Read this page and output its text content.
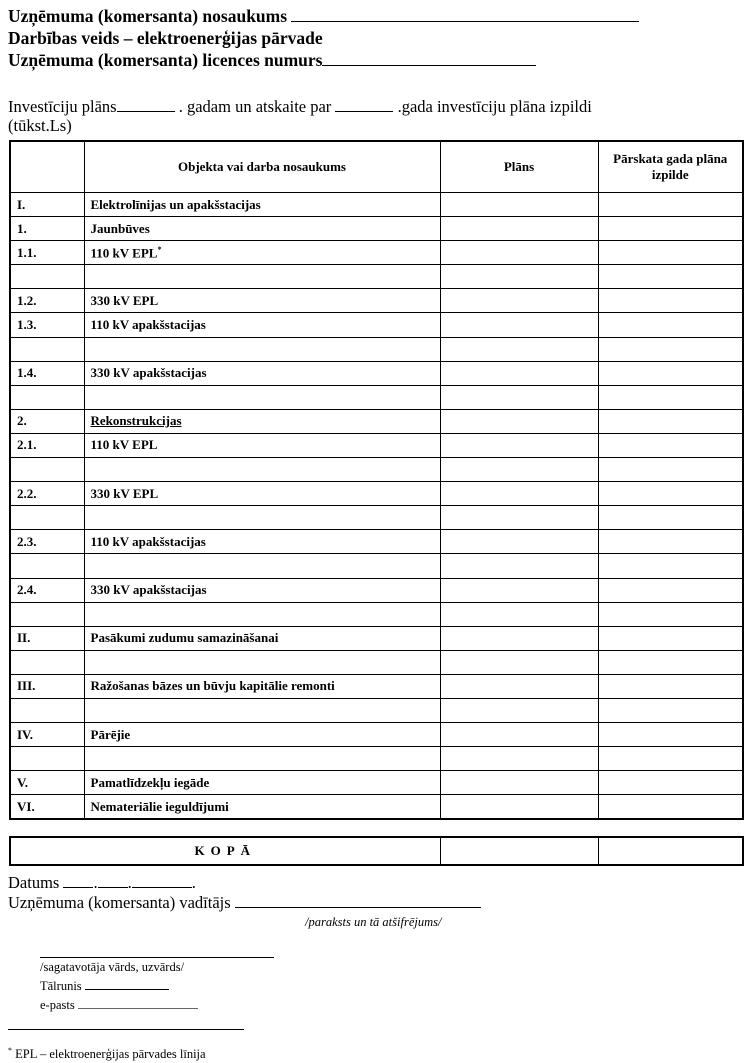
Uzņēmuma (komersanta) nosaukums
Darbības veids – elektroenerģijas pārvade
Uzņēmuma (komersanta) licences numurs
Investīciju plāns	. gadam un atskaite par	.gada investīciju plāna izpildi
(tūkst.Ls)
	Objekta vai darba nosaukums	Plāns	Pārskata gada plāna izpilde
I.	Elektrolīnijas un apakšstacijas		
1.	Jaunbūves		
1.1.	110 kV EPL*		

1.2.	330 kV EPL		
1.3.	110 kV apakšstacijas		

1.4.	330 kV apakšstacijas		

2.	Rekonstrukcijas		
2.1.	110 kV EPL		

2.2.	330 kV EPL		

2.3.	110 kV apakšstacijas		

2.4.	330 kV apakšstacijas		

II.	Pasākumi zudumu samazināšanai		

III.	Ražošanas bāzes un būvju kapitālie remonti		

IV.	Pārējie		

V.	Pamatlīdzekļu iegāde		
VI.	Nemateriālie ieguldījumi		
KOPĀ		
Datums . .	.
Uzņēmuma (komersanta) vadītājs
/paraksts un tā atšifrējums/
/sagatavotāja vārds, uzvārds/
Tālrunis
e-pasts
* EPL – elektroenerģijas pārvades līnija
